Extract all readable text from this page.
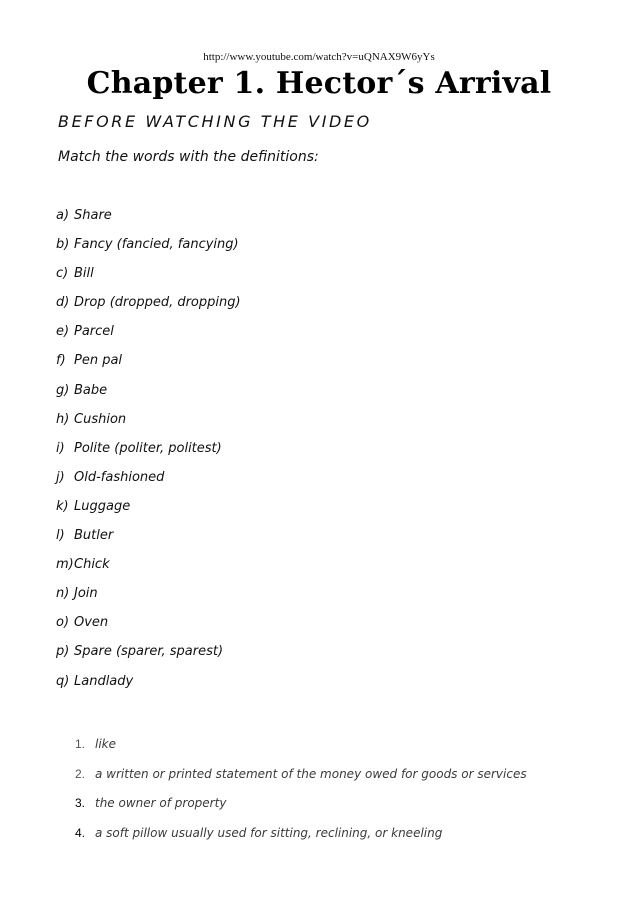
http://www.youtube.com/watch?v=uQNAX9W6yYs
Chapter 1. Hector´s Arrival
BEFORE WATCHING THE VIDEO
Match the words with the definitions:
a) Share
b) Fancy (fancied, fancying)
c) Bill
d) Drop (dropped, dropping)
e) Parcel
f) Pen pal
g) Babe
h) Cushion
i) Polite (politer, politest)
j) Old-fashioned
k) Luggage
l) Butler
m)Chick
n) Join
o) Oven
p) Spare (sparer, sparest)
q) Landlady
1. like
2. a written or printed statement of the money owed for goods or services
3. the owner of property
4. a soft pillow usually used for sitting, reclining, or kneeling
